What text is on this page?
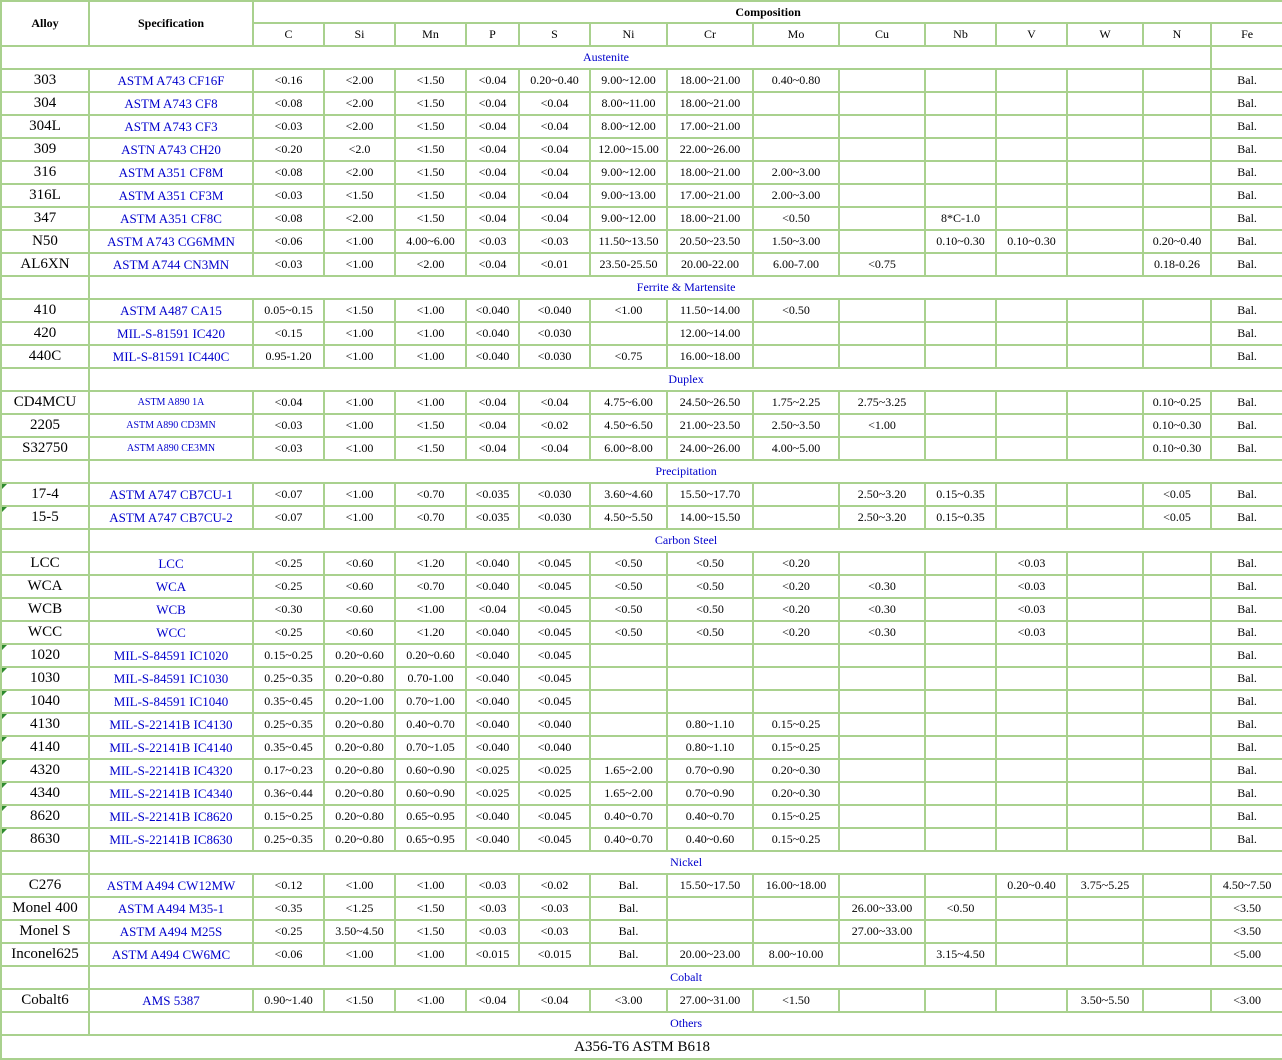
Alloy	Specification	Composition													
		C	Si	Mn	P	S	Ni	Cr	Mo	Cu	Nb	V	W	N	Fe
Austenite															
303	ASTM A743 CF16F	<0.16	<2.00	<1.50	<0.04	0.20~0.40	9.00~12.00	18.00~21.00	0.40~0.80						Bal.
304	ASTM A743 CF8	<0.08	<2.00	<1.50	<0.04	<0.04	8.00~11.00	18.00~21.00							Bal.
304L	ASTM A743 CF3	<0.03	<2.00	<1.50	<0.04	<0.04	8.00~12.00	17.00~21.00							Bal.
309	ASTN A743 CH20	<0.20	<2.0	<1.50	<0.04	<0.04	12.00~15.00	22.00~26.00							Bal.
316	ASTM A351 CF8M	<0.08	<2.00	<1.50	<0.04	<0.04	9.00~12.00	18.00~21.00	2.00~3.00						Bal.
316L	ASTM A351 CF3M	<0.03	<1.50	<1.50	<0.04	<0.04	9.00~13.00	17.00~21.00	2.00~3.00						Bal.
347	ASTM A351 CF8C	<0.08	<2.00	<1.50	<0.04	<0.04	9.00~12.00	18.00~21.00	<0.50		8*C-1.0				Bal.
N50	ASTM A743 CG6MMN	<0.06	<1.00	4.00~6.00	<0.03	<0.03	11.50~13.50	20.50~23.50	1.50~3.00		0.10~0.30	0.10~0.30		0.20~0.40	Bal.
AL6XN	ASTM A744 CN3MN	<0.03	<1.00	<2.00	<0.04	<0.01	23.50-25.50	20.00-22.00	6.00-7.00	<0.75				0.18-0.26	Bal.
	Ferrite & Martensite														
410	ASTM A487 CA15	0.05~0.15	<1.50	<1.00	<0.040	<0.040	<1.00	11.50~14.00	<0.50						Bal.
420	MIL-S-81591 IC420	<0.15	<1.00	<1.00	<0.040	<0.030		12.00~14.00							Bal.
440C	MIL-S-81591 IC440C	0.95-1.20	<1.00	<1.00	<0.040	<0.030	<0.75	16.00~18.00							Bal.
	Duplex														
CD4MCU	ASTM A890 1A	<0.04	<1.00	<1.00	<0.04	<0.04	4.75~6.00	24.50~26.50	1.75~2.25	2.75~3.25				0.10~0.25	Bal.
2205	ASTM A890 CD3MN	<0.03	<1.00	<1.50	<0.04	<0.02	4.50~6.50	21.00~23.50	2.50~3.50	<1.00				0.10~0.30	Bal.
S32750	ASTM A890 CE3MN	<0.03	<1.00	<1.50	<0.04	<0.04	6.00~8.00	24.00~26.00	4.00~5.00					0.10~0.30	Bal.
	Precipitation														
17-4	ASTM A747 CB7CU-1	<0.07	<1.00	<0.70	<0.035	<0.030	3.60~4.60	15.50~17.70		2.50~3.20	0.15~0.35			<0.05	Bal.
15-5	ASTM A747 CB7CU-2	<0.07	<1.00	<0.70	<0.035	<0.030	4.50~5.50	14.00~15.50		2.50~3.20	0.15~0.35			<0.05	Bal.
	Carbon Steel														
LCC	LCC	<0.25	<0.60	<1.20	<0.040	<0.045	<0.50	<0.50	<0.20			<0.03			Bal.
WCA	WCA	<0.25	<0.60	<0.70	<0.040	<0.045	<0.50	<0.50	<0.20	<0.30		<0.03			Bal.
WCB	WCB	<0.30	<0.60	<1.00	<0.04	<0.045	<0.50	<0.50	<0.20	<0.30		<0.03			Bal.
WCC	WCC	<0.25	<0.60	<1.20	<0.040	<0.045	<0.50	<0.50	<0.20	<0.30		<0.03			Bal.
1020	MIL-S-84591 IC1020	0.15~0.25	0.20~0.60	0.20~0.60	<0.040	<0.045									Bal.
1030	MIL-S-84591 IC1030	0.25~0.35	0.20~0.80	0.70-1.00	<0.040	<0.045									Bal.
1040	MIL-S-84591 IC1040	0.35~0.45	0.20~1.00	0.70~1.00	<0.040	<0.045									Bal.
4130	MIL-S-22141B IC4130	0.25~0.35	0.20~0.80	0.40~0.70	<0.040	<0.040		0.80~1.10	0.15~0.25						Bal.
4140	MIL-S-22141B IC4140	0.35~0.45	0.20~0.80	0.70~1.05	<0.040	<0.040		0.80~1.10	0.15~0.25						Bal.
4320	MIL-S-22141B IC4320	0.17~0.23	0.20~0.80	0.60~0.90	<0.025	<0.025	1.65~2.00	0.70~0.90	0.20~0.30						Bal.
4340	MIL-S-22141B IC4340	0.36~0.44	0.20~0.80	0.60~0.90	<0.025	<0.025	1.65~2.00	0.70~0.90	0.20~0.30						Bal.
8620	MIL-S-22141B IC8620	0.15~0.25	0.20~0.80	0.65~0.95	<0.040	<0.045	0.40~0.70	0.40~0.70	0.15~0.25						Bal.
8630	MIL-S-22141B IC8630	0.25~0.35	0.20~0.80	0.65~0.95	<0.040	<0.045	0.40~0.70	0.40~0.60	0.15~0.25						Bal.
	Nickel														
C276	ASTM A494 CW12MW	<0.12	<1.00	<1.00	<0.03	<0.02	Bal.	15.50~17.50	16.00~18.00			0.20~0.40	3.75~5.25		4.50~7.50
Monel 400	ASTM A494 M35-1	<0.35	<1.25	<1.50	<0.03	<0.03	Bal.			26.00~33.00	<0.50				<3.50
Monel S	ASTM A494 M25S	<0.25	3.50~4.50	<1.50	<0.03	<0.03	Bal.			27.00~33.00					<3.50
Inconel625	ASTM A494 CW6MC	<0.06	<1.00	<1.00	<0.015	<0.015	Bal.	20.00~23.00	8.00~10.00		3.15~4.50				<5.00
	Cobalt														
Cobalt6	AMS 5387	0.90~1.40	<1.50	<1.00	<0.04	<0.04	<3.00	27.00~31.00	<1.50				3.50~5.50		<3.00
	Others														
A356-T6 ASTM B618															
